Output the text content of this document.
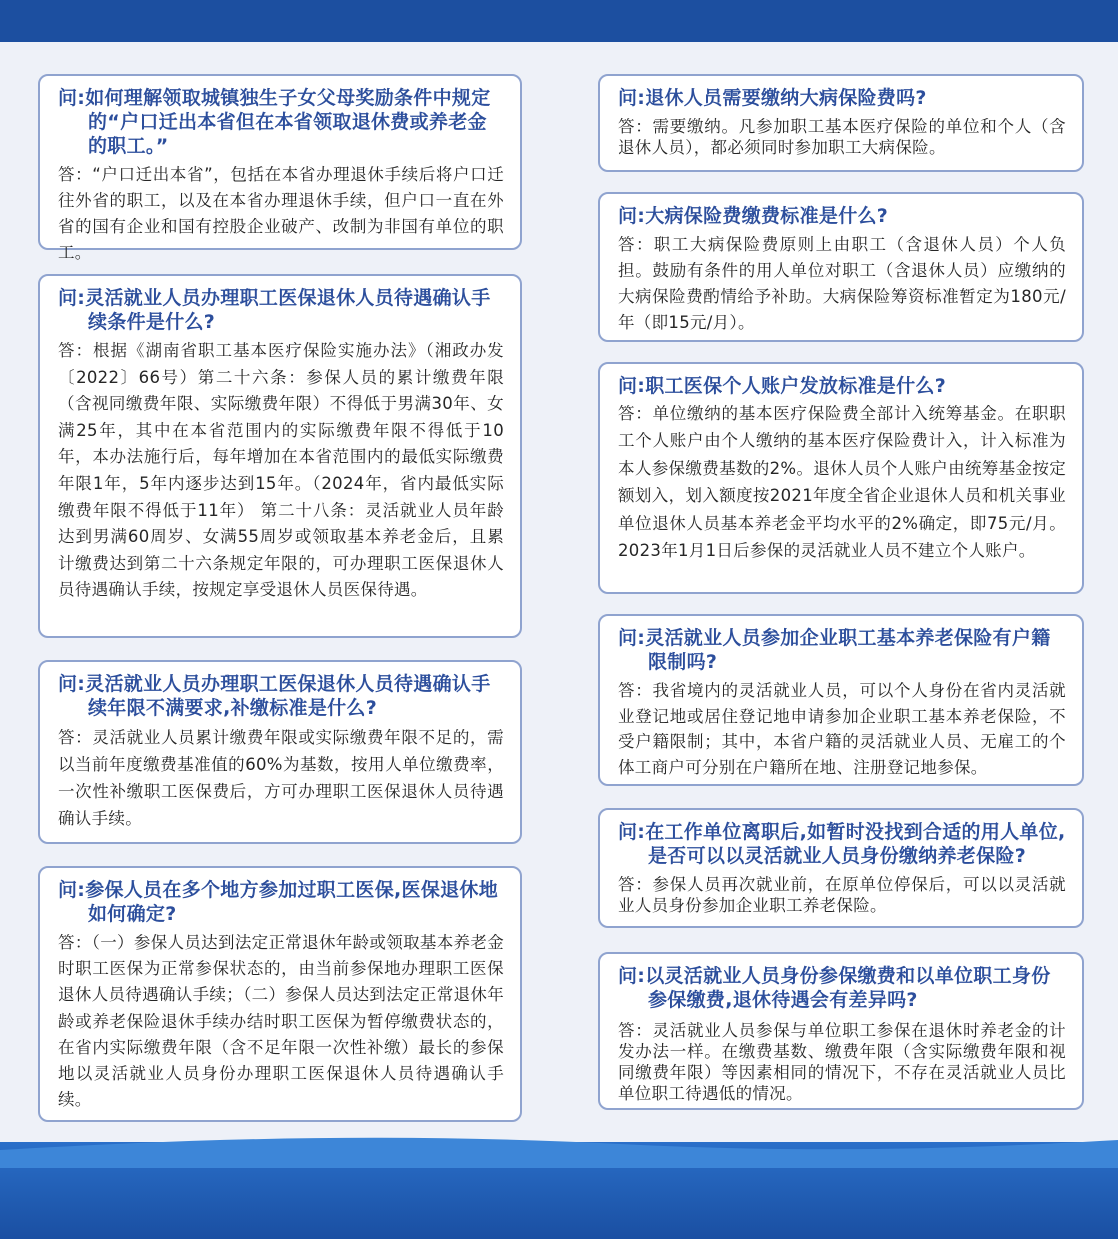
问:如何理解领取城镇独生子女父母奖励条件中规定的“户口迁出本省但在本省领取退休费或养老金的职工。”

答：“户口迁出本省”，包括在本省办理退休手续后将户口迁往外省的职工，以及在本省办理退休手续，但户口一直在外省的国有企业和国有控股企业破产、改制为非国有单位的职工。

问:灵活就业人员办理职工医保退休人员待遇确认手续条件是什么?

答：根据《湖南省职工基本医疗保险实施办法》（湘政办发〔2022〕66号）第二十六条：参保人员的累计缴费年限（含视同缴费年限、实际缴费年限）不得低于男满30年、女满25年，其中在本省范围内的实际缴费年限不得低于10年，本办法施行后，每年增加在本省范围内的最低实际缴费年限1年，5年内逐步达到15年。（2024年，省内最低实际缴费年限不得低于11年） 第二十八条：灵活就业人员年龄达到男满60周岁、女满55周岁或领取基本养老金后，且累计缴费达到第二十六条规定年限的，可办理职工医保退休人员待遇确认手续，按规定享受退休人员医保待遇。

问:灵活就业人员办理职工医保退休人员待遇确认手续年限不满要求,补缴标准是什么?

答：灵活就业人员累计缴费年限或实际缴费年限不足的，需以当前年度缴费基准值的60%为基数，按用人单位缴费率，一次性补缴职工医保费后，方可办理职工医保退休人员待遇确认手续。

问:参保人员在多个地方参加过职工医保,医保退休地如何确定?

答：（一）参保人员达到法定正常退休年龄或领取基本养老金时职工医保为正常参保状态的，由当前参保地办理职工医保退休人员待遇确认手续；（二）参保人员达到法定正常退休年龄或养老保险退休手续办结时职工医保为暂停缴费状态的，在省内实际缴费年限（含不足年限一次性补缴）最长的参保地以灵活就业人员身份办理职工医保退休人员待遇确认手续。

问:退休人员需要缴纳大病保险费吗?

答：需要缴纳。凡参加职工基本医疗保险的单位和个人（含退休人员），都必须同时参加职工大病保险。

问:大病保险费缴费标准是什么?

答：职工大病保险费原则上由职工（含退休人员）个人负担。鼓励有条件的用人单位对职工（含退休人员）应缴纳的大病保险费酌情给予补助。大病保险筹资标准暂定为180元/年（即15元/月）。

问:职工医保个人账户发放标准是什么?

答：单位缴纳的基本医疗保险费全部计入统筹基金。在职职工个人账户由个人缴纳的基本医疗保险费计入，计入标准为本人参保缴费基数的2%。退休人员个人账户由统筹基金按定额划入，划入额度按2021年度全省企业退休人员和机关事业单位退休人员基本养老金平均水平的2%确定，即75元/月。 2023年1月1日后参保的灵活就业人员不建立个人账户。

问:灵活就业人员参加企业职工基本养老保险有户籍限制吗?

答：我省境内的灵活就业人员，可以个人身份在省内灵活就业登记地或居住登记地申请参加企业职工基本养老保险，不受户籍限制；其中，本省户籍的灵活就业人员、无雇工的个体工商户可分别在户籍所在地、注册登记地参保。

问:在工作单位离职后,如暂时没找到合适的用人单位,是否可以以灵活就业人员身份缴纳养老保险?

答：参保人员再次就业前，在原单位停保后，可以以灵活就业人员身份参加企业职工养老保险。

问:以灵活就业人员身份参保缴费和以单位职工身份参保缴费,退休待遇会有差异吗?

答：灵活就业人员参保与单位职工参保在退休时养老金的计发办法一样。在缴费基数、缴费年限（含实际缴费年限和视同缴费年限）等因素相同的情况下，不存在灵活就业人员比单位职工待遇低的情况。
